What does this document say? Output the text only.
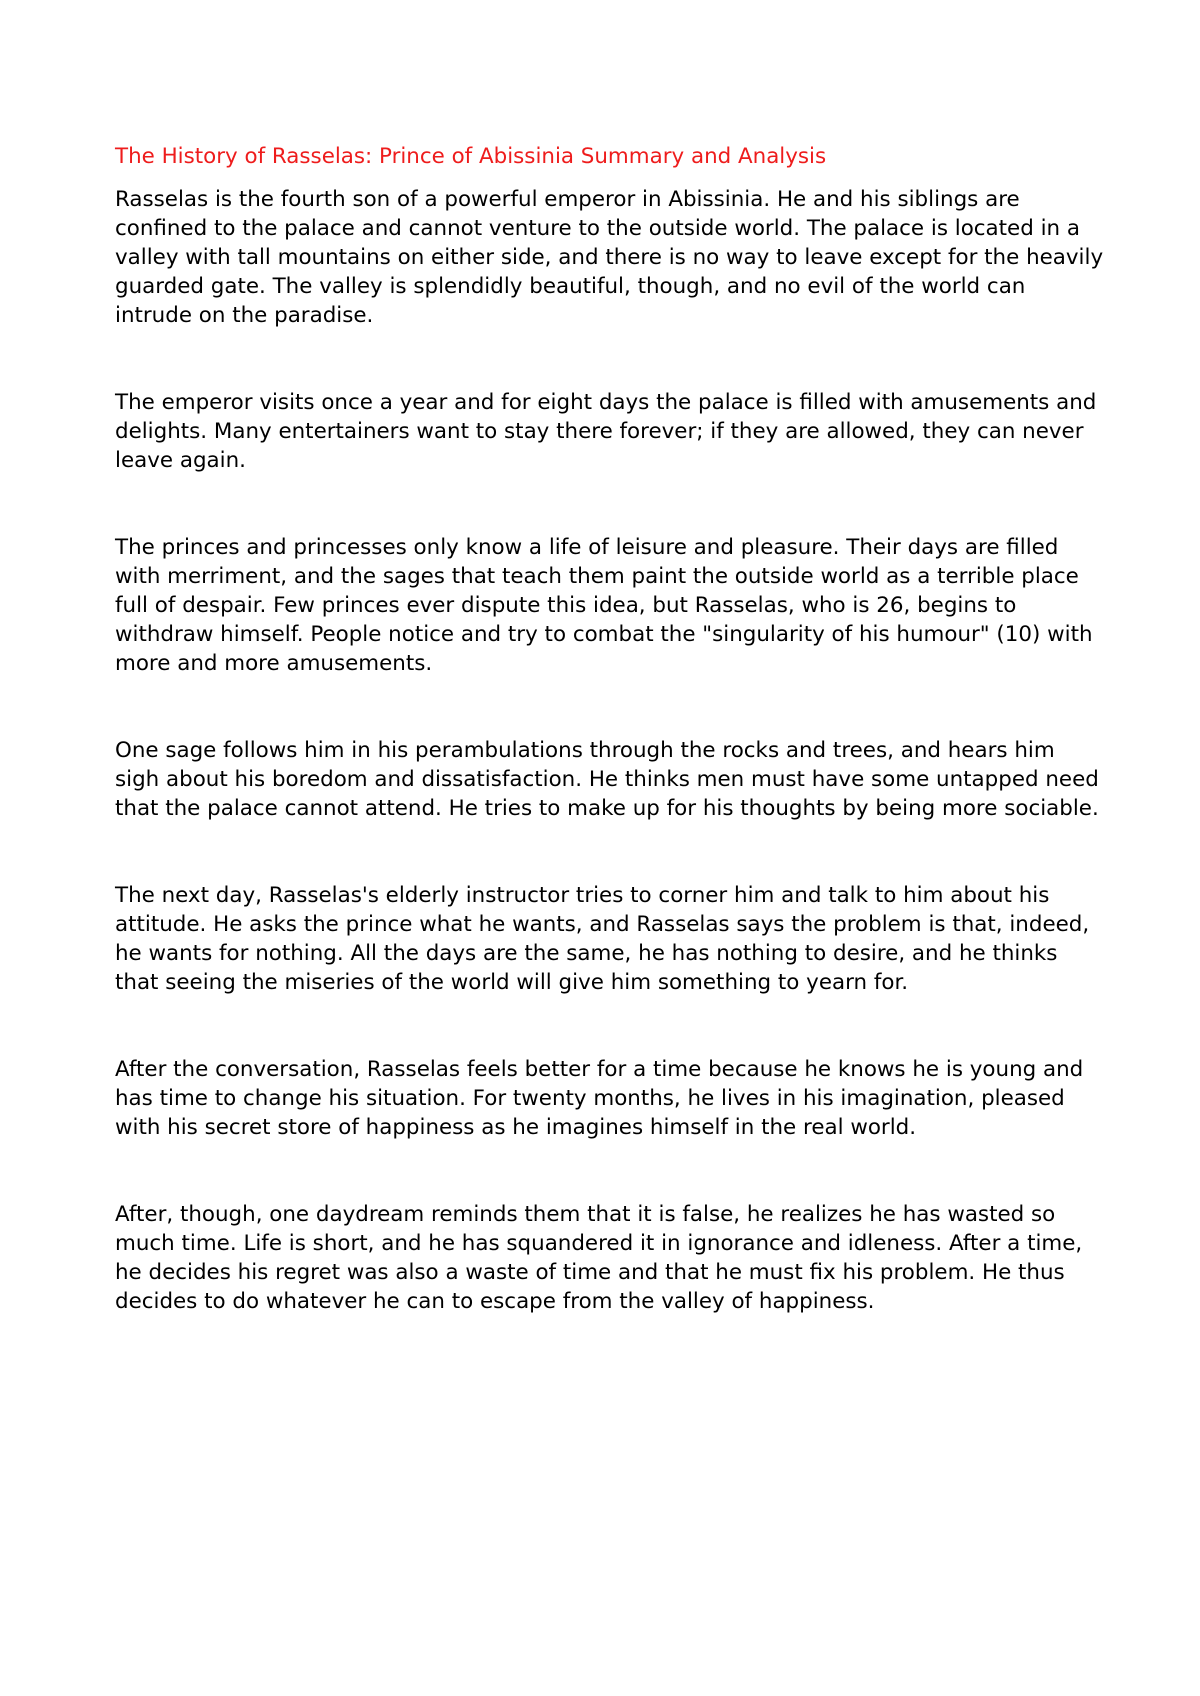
The History of Rasselas: Prince of Abissinia Summary and Analysis

Rasselas is the fourth son of a powerful emperor in Abissinia. He and his siblings are confined to the palace and cannot venture to the outside world. The palace is located in a valley with tall mountains on either side, and there is no way to leave except for the heavily guarded gate. The valley is splendidly beautiful, though, and no evil of the world can intrude on the paradise.

The emperor visits once a year and for eight days the palace is filled with amusements and delights. Many entertainers want to stay there forever; if they are allowed, they can never leave again.

The princes and princesses only know a life of leisure and pleasure. Their days are filled with merriment, and the sages that teach them paint the outside world as a terrible place full of despair. Few princes ever dispute this idea, but Rasselas, who is 26, begins to withdraw himself. People notice and try to combat the "singularity of his humour" (10) with more and more amusements.

One sage follows him in his perambulations through the rocks and trees, and hears him sigh about his boredom and dissatisfaction. He thinks men must have some untapped need that the palace cannot attend. He tries to make up for his thoughts by being more sociable.

The next day, Rasselas's elderly instructor tries to corner him and talk to him about his attitude. He asks the prince what he wants, and Rasselas says the problem is that, indeed, he wants for nothing. All the days are the same, he has nothing to desire, and he thinks that seeing the miseries of the world will give him something to yearn for.

After the conversation, Rasselas feels better for a time because he knows he is young and has time to change his situation. For twenty months, he lives in his imagination, pleased with his secret store of happiness as he imagines himself in the real world.

After, though, one daydream reminds them that it is false, he realizes he has wasted so much time. Life is short, and he has squandered it in ignorance and idleness. After a time, he decides his regret was also a waste of time and that he must fix his problem. He thus decides to do whatever he can to escape from the valley of happiness.
